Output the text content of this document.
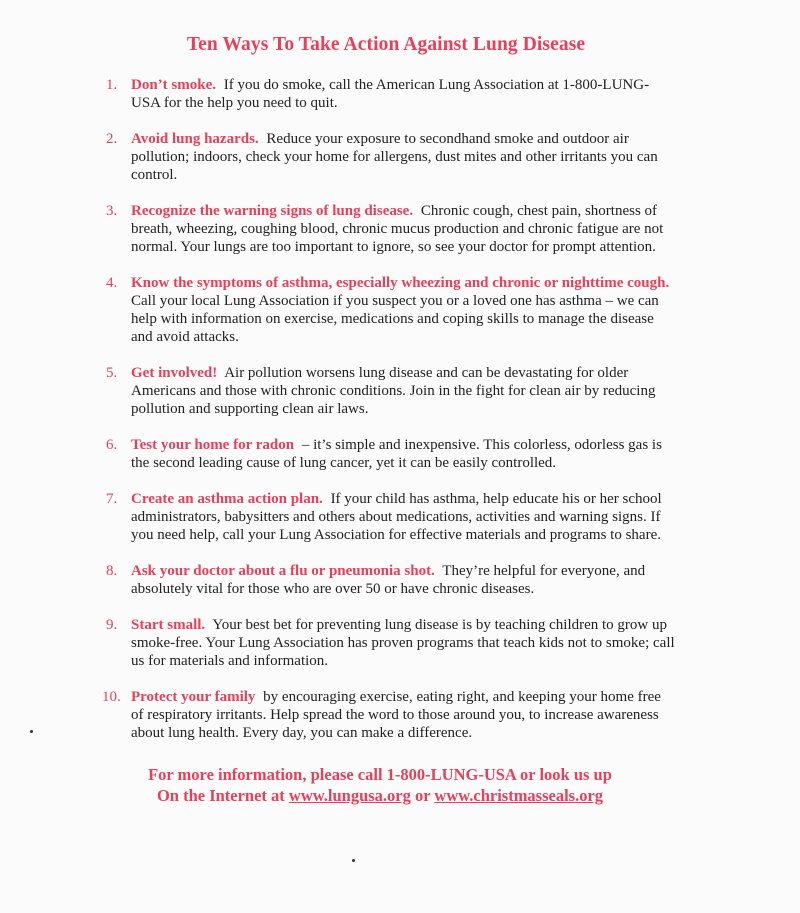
Ten Ways To Take Action Against Lung Disease
1. Don’t smoke. If you do smoke, call the American Lung Association at 1-800-LUNG-USA for the help you need to quit.
2. Avoid lung hazards. Reduce your exposure to secondhand smoke and outdoor air pollution; indoors, check your home for allergens, dust mites and other irritants you can control.
3. Recognize the warning signs of lung disease. Chronic cough, chest pain, shortness of breath, wheezing, coughing blood, chronic mucus production and chronic fatigue are not normal. Your lungs are too important to ignore, so see your doctor for prompt attention.
4. Know the symptoms of asthma, especially wheezing and chronic or nighttime cough. Call your local Lung Association if you suspect you or a loved one has asthma – we can help with information on exercise, medications and coping skills to manage the disease and avoid attacks.
5. Get involved! Air pollution worsens lung disease and can be devastating for older Americans and those with chronic conditions. Join in the fight for clean air by reducing pollution and supporting clean air laws.
6. Test your home for radon – it’s simple and inexpensive. This colorless, odorless gas is the second leading cause of lung cancer, yet it can be easily controlled.
7. Create an asthma action plan. If your child has asthma, help educate his or her school administrators, babysitters and others about medications, activities and warning signs. If you need help, call your Lung Association for effective materials and programs to share.
8. Ask your doctor about a flu or pneumonia shot. They’re helpful for everyone, and absolutely vital for those who are over 50 or have chronic diseases.
9. Start small. Your best bet for preventing lung disease is by teaching children to grow up smoke-free. Your Lung Association has proven programs that teach kids not to smoke; call us for materials and information.
10. Protect your family by encouraging exercise, eating right, and keeping your home free of respiratory irritants. Help spread the word to those around you, to increase awareness about lung health. Every day, you can make a difference.
For more information, please call 1-800-LUNG-USA or look us up
On the Internet at www.lungusa.org or www.christmasseals.org
